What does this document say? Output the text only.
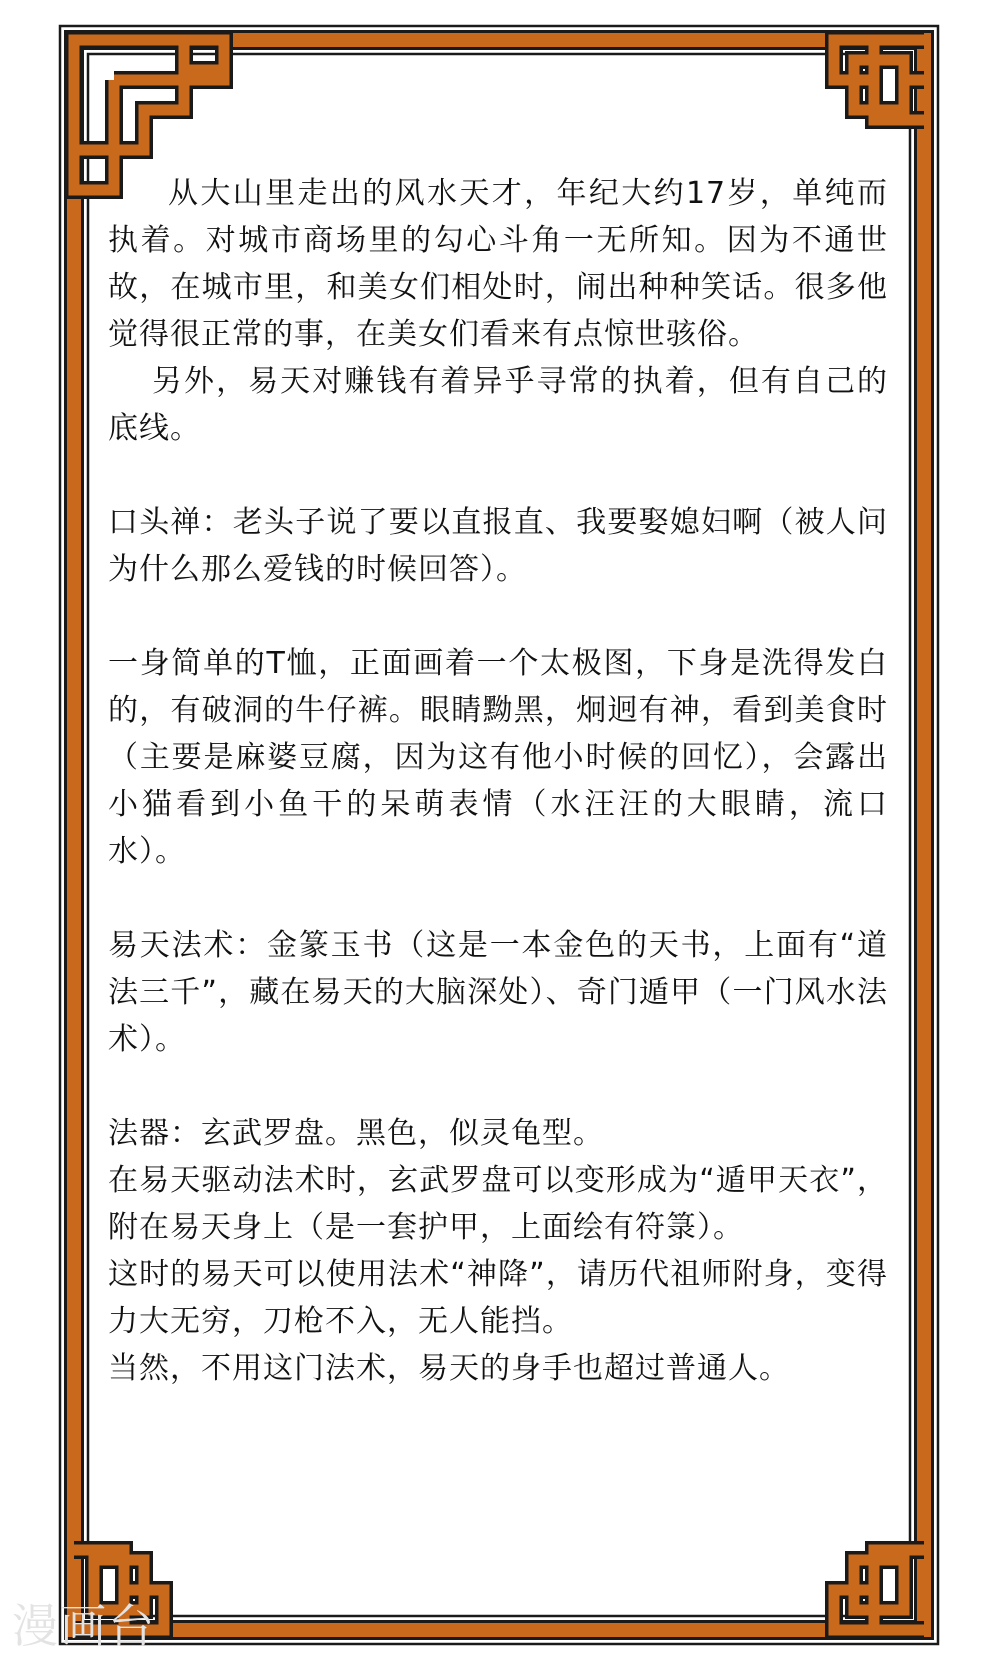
从大山里走出的风水天才，年纪大约17岁，单纯而执着。对城市商场里的勾心斗角一无所知。因为不通世故，在城市里，和美女们相处时，闹出种种笑话。很多他觉得很正常的事，在美女们看来有点惊世骇俗。

另外，易天对赚钱有着异乎寻常的执着，但有自己的底线。

口头禅：老头子说了要以直报直、我要娶媳妇啊（被人问为什么那么爱钱的时候回答）。

一身简单的T恤，正面画着一个太极图，下身是洗得发白的，有破洞的牛仔裤。眼睛黝黑，炯迥有神，看到美食时（主要是麻婆豆腐，因为这有他小时候的回忆），会露出小猫看到小鱼干的呆萌表情（水汪汪的大眼睛，流口水）。

易天法术：金篆玉书（这是一本金色的天书，上面有“道法三千”，藏在易天的大脑深处）、奇门遁甲（一门风水法术）。

法器：玄武罗盘。黑色，似灵龟型。

在易天驱动法术时，玄武罗盘可以变形成为“遁甲天衣”，附在易天身上（是一套护甲，上面绘有符箓）。

这时的易天可以使用法术“神降”，请历代祖师附身，变得力大无穷，刀枪不入，无人能挡。

当然，不用这门法术，易天的身手也超过普通人。

漫画台
